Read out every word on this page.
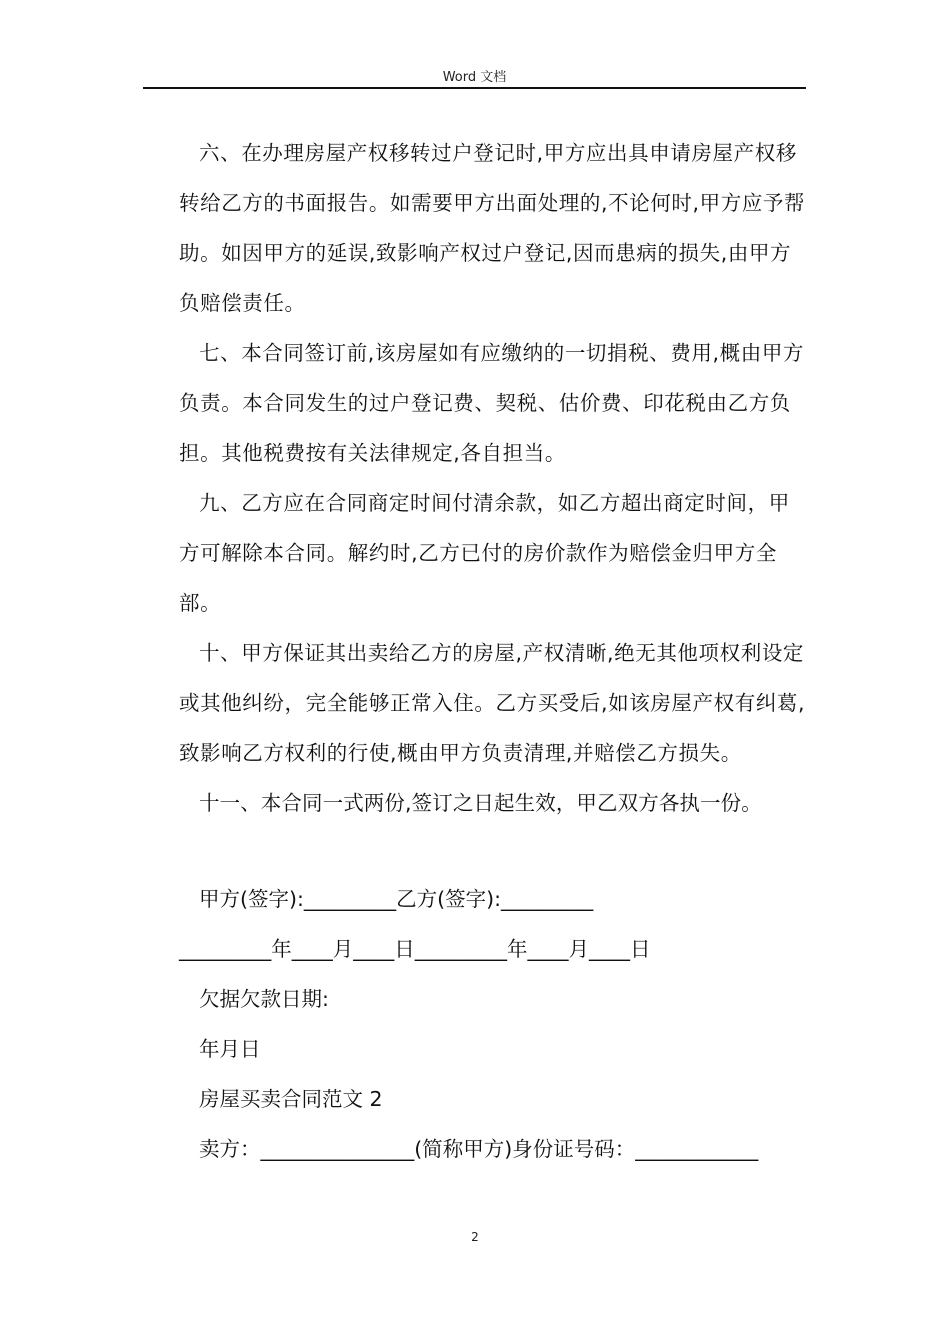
Word 文档

六、在办理房屋产权移转过户登记时,甲方应出具申请房屋产权移转给乙方的书面报告。如需要甲方出面处理的,不论何时,甲方应予帮助。如因甲方的延误,致影响产权过户登记,因而患病的损失,由甲方负赔偿责任。

七、本合同签订前,该房屋如有应缴纳的一切捐税、费用,概由甲方负责。本合同发生的过户登记费、契税、估价费、印花税由乙方负担。其他税费按有关法律规定,各自担当。

九、乙方应在合同商定时间付清余款，如乙方超出商定时间，甲方可解除本合同。解约时,乙方已付的房价款作为赔偿金归甲方全部。

十、甲方保证其出卖给乙方的房屋,产权清晰,绝无其他项权利设定或其他纠纷，完全能够正常入住。乙方买受后,如该房屋产权有纠葛,致影响乙方权利的行使,概由甲方负责清理,并赔偿乙方损失。

十一、本合同一式两份,签订之日起生效，甲乙双方各执一份。

甲方(签字):_________乙方(签字):_________

_________年____月____日_________年____月____日

欠据欠款日期:

年月日

房屋买卖合同范文 2

卖方：_______________(简称甲方)身份证号码：____________

2
